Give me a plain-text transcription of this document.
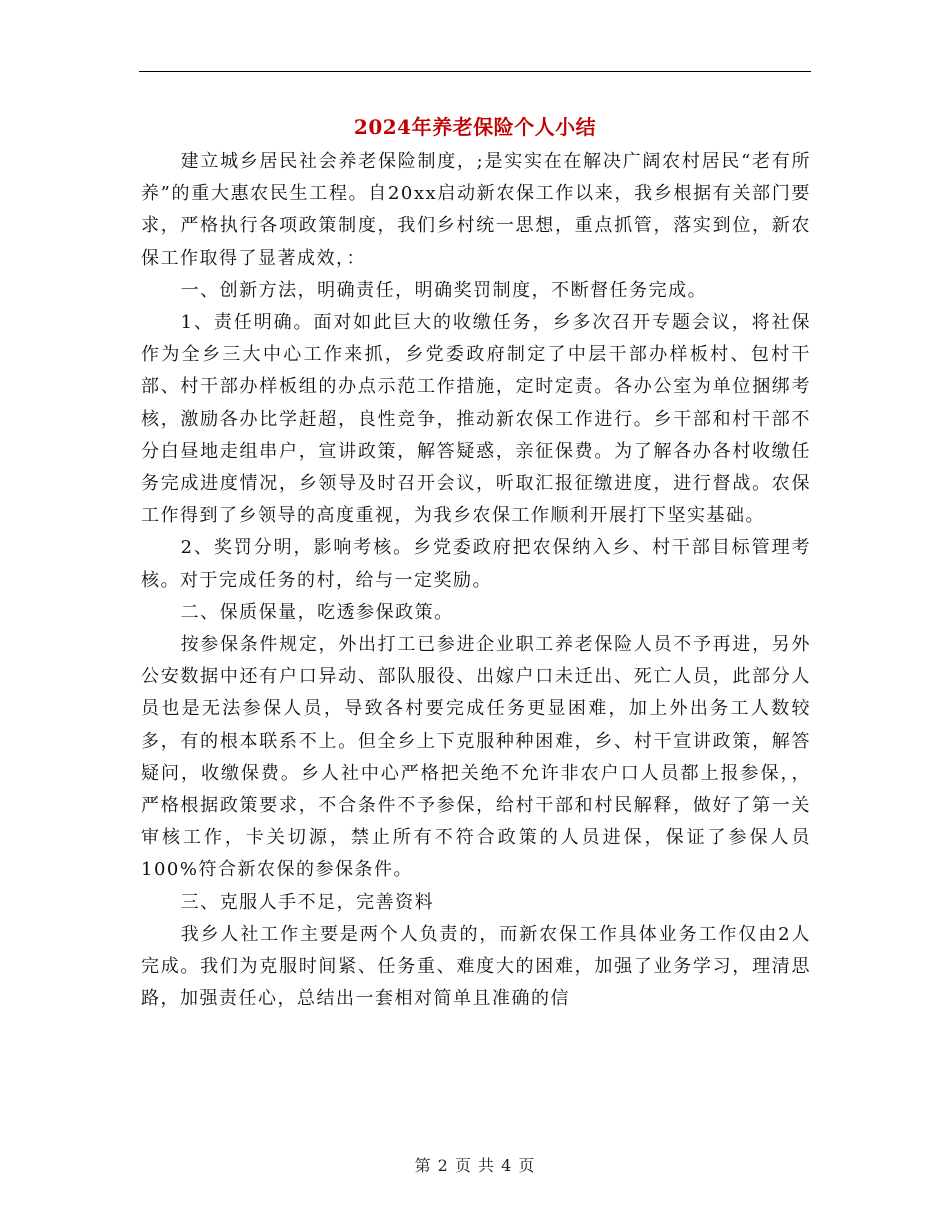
2024年养老保险个人小结

建立城乡居民社会养老保险制度，;是实实在在解决广阔农村居民“老有所养”的重大惠农民生工程。自20xx启动新农保工作以来，我乡根据有关部门要求，严格执行各项政策制度，我们乡村统一思想，重点抓管，落实到位，新农保工作取得了显著成效，：

一、创新方法，明确责任，明确奖罚制度，不断督任务完成。

1、责任明确。面对如此巨大的收缴任务，乡多次召开专题会议，将社保作为全乡三大中心工作来抓，乡党委政府制定了中层干部办样板村、包村干部、村干部办样板组的办点示范工作措施，定时定责。各办公室为单位捆绑考核，激励各办比学赶超，良性竞争，推动新农保工作进行。乡干部和村干部不分白昼地走组串户，宣讲政策，解答疑惑，亲征保费。为了解各办各村收缴任务完成进度情况，乡领导及时召开会议，听取汇报征缴进度，进行督战。农保工作得到了乡领导的高度重视，为我乡农保工作顺利开展打下坚实基础。

2、奖罚分明，影响考核。乡党委政府把农保纳入乡、村干部目标管理考核。对于完成任务的村，给与一定奖励。

二、保质保量，吃透参保政策。

按参保条件规定，外出打工已参进企业职工养老保险人员不予再进，另外公安数据中还有户口异动、部队服役、出嫁户口未迁出、死亡人员，此部分人员也是无法参保人员，导致各村要完成任务更显困难，加上外出务工人数较多，有的根本联系不上。但全乡上下克服种种困难，乡、村干宣讲政策，解答疑问，收缴保费。乡人社中心严格把关绝不允许非农户口人员都上报参保，，严格根据政策要求，不合条件不予参保，给村干部和村民解释，做好了第一关审核工作，卡关切源，禁止所有不符合政策的人员进保，保证了参保人员 100%符合新农保的参保条件。

三、克服人手不足，完善资料

我乡人社工作主要是两个人负责的，而新农保工作具体业务工作仅由2人完成。我们为克服时间紧、任务重、难度大的困难，加强了业务学习，理清思路，加强责任心，总结出一套相对简单且准确的信

第 2 页 共 4 页
